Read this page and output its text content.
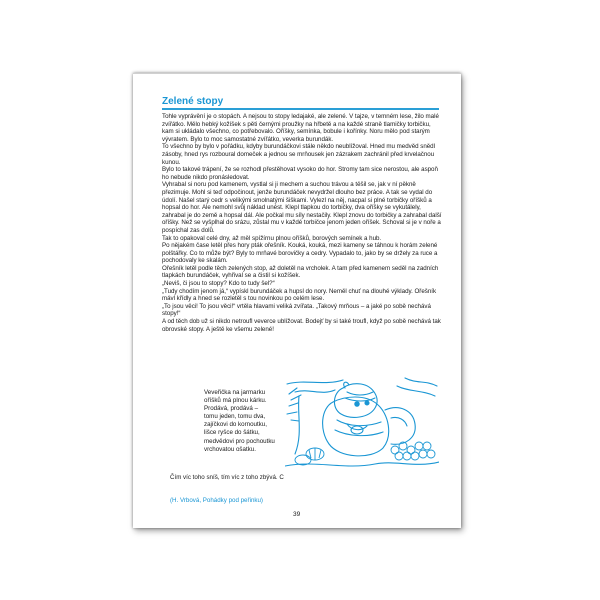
Zelené stopy

Tohle vyprávění je o stopách. A nejsou to stopy ledajaké, ale zelené. V tajze, v temném lese, žilo malé zvířátko. Mělo hebký kožíšek s pěti černými proužky na hřbetě a na každé straně tlamičky torbičku, kam si ukládalo všechno, co potřebovalo. Oříšky, semínka, bobule i kořínky. Noru mělo pod starým vývratem. Bylo to moc samostatné zvířátko, veverka burundák.

To všechno by bylo v pořádku, kdyby burundáčkovi stále někdo neublížoval. Hned mu medvěd snědl zásoby, hned rys rozboural domeček a jednou se mrňousek jen zázrakem zachránil před krvelačnou kunou.

Bylo to takové trápení, že se rozhodl přestěhovat vysoko do hor. Stromy tam sice nerostou, ale aspoň ho nebude nikdo pronásledovat.

Vyhrabal si noru pod kamenem, vystlal si ji mechem a suchou trávou a těšil se, jak v ní pěkně přezimuje. Mohl si teď odpočinout, jenže burundáček nevydržel dlouho bez práce. A tak se vydal do údolí. Našel starý cedr s velikými smolnatými šiškami. Vylezl na něj, nacpal si plné torbičky oříšků a hopsal do hor. Ale nemohl svůj náklad unést. Klepl tlapkou do torbičky, dva oříšky se vykutálely, zahrabal je do země a hopsal dál. Ale počkal mu síly nestačily. Klepl znovu do torbičky a zahrabal další oříšky. Než se vyšplhal do srázu, zůstal mu v každé torbičce jenom jeden oříšek. Schoval si je v noře a pospíchal zas dolů.

Tak to opakoval celé dny, až měl spížírnu plnou oříšků, borových semínek a hub.

Po nějakém čase letěl přes hory pták ořešník. Kouká, kouká, mezi kameny se táhnou k horám zelené polštářky. Co to může být? Byly to mrňavé borovičky a cedry. Vypadalo to, jako by se držely za ruce a pochodovaly ke skalám.

Ořešník letěl podle těch zelených stop, až doletěl na vrcholek. A tam před kamenem seděl na zadních tlapkách burundáček, vyhřival se a čistil si kožíšek.

„Neviš, či jsou to stopy? Kdo to tudy šel?“

„Tudy chodím jenom já,“ vypískl burundáček a hupsl do nory. Neměl chuť na dlouhé výklady. Ořešník mávl křídly a hned se rozletěl s tou novinkou po celém lese.

„To jsou věci! To jsou věci!“ vrtěla hlavami veliká zvířata. „Takový mrňous – a jaké po sobě nechává stopy!“

A od těch dob už si nikdo netroufl veverce ublížovat. Bodejť by si také troufl, když po sobě nechává tak obrovské stopy. A ještě ke všemu zelené!

Veveřička na jarmarku
oříšků má plnou kárku.
Prodává, prodává –
tomu jeden, tomu dva,
zajíčkovi do kornoutku,
lišce ryšce do šátku,
medvědovi pro pochoutku
vrchovatou ošatku.
Čím víc toho sníš, tím víc z toho zbývá. C
(H. Vrbová, Pohádky pod peřinku)
39
